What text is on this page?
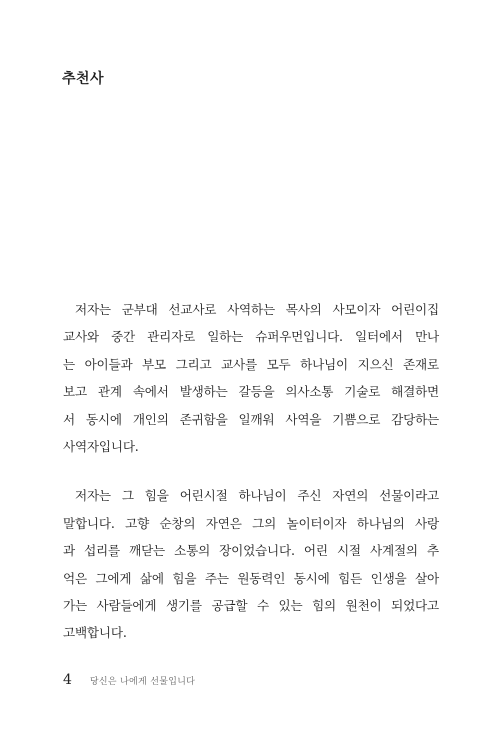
추천사
저자는 군부대 선교사로 사역하는 목사의 사모이자 어린이집
교사와 중간 관리자로 일하는 슈퍼우먼입니다. 일터에서 만나
는 아이들과 부모 그리고 교사를 모두 하나님이 지으신 존재로
보고 관계 속에서 발생하는 갈등을 의사소통 기술로 해결하면
서 동시에 개인의 존귀함을 일깨워 사역을 기쁨으로 감당하는
사역자입니다.
저자는 그 힘을 어린시절 하나님이 주신 자연의 선물이라고
말합니다. 고향 순창의 자연은 그의 놀이터이자 하나님의 사랑
과 섭리를 깨닫는 소통의 장이었습니다. 어린 시절 사계절의 추
억은 그에게 삶에 힘을 주는 원동력인 동시에 힘든 인생을 살아
가는 사람들에게 생기를 공급할 수 있는 힘의 원천이 되었다고
고백합니다.
4 당신은 나에게 선물입니다
